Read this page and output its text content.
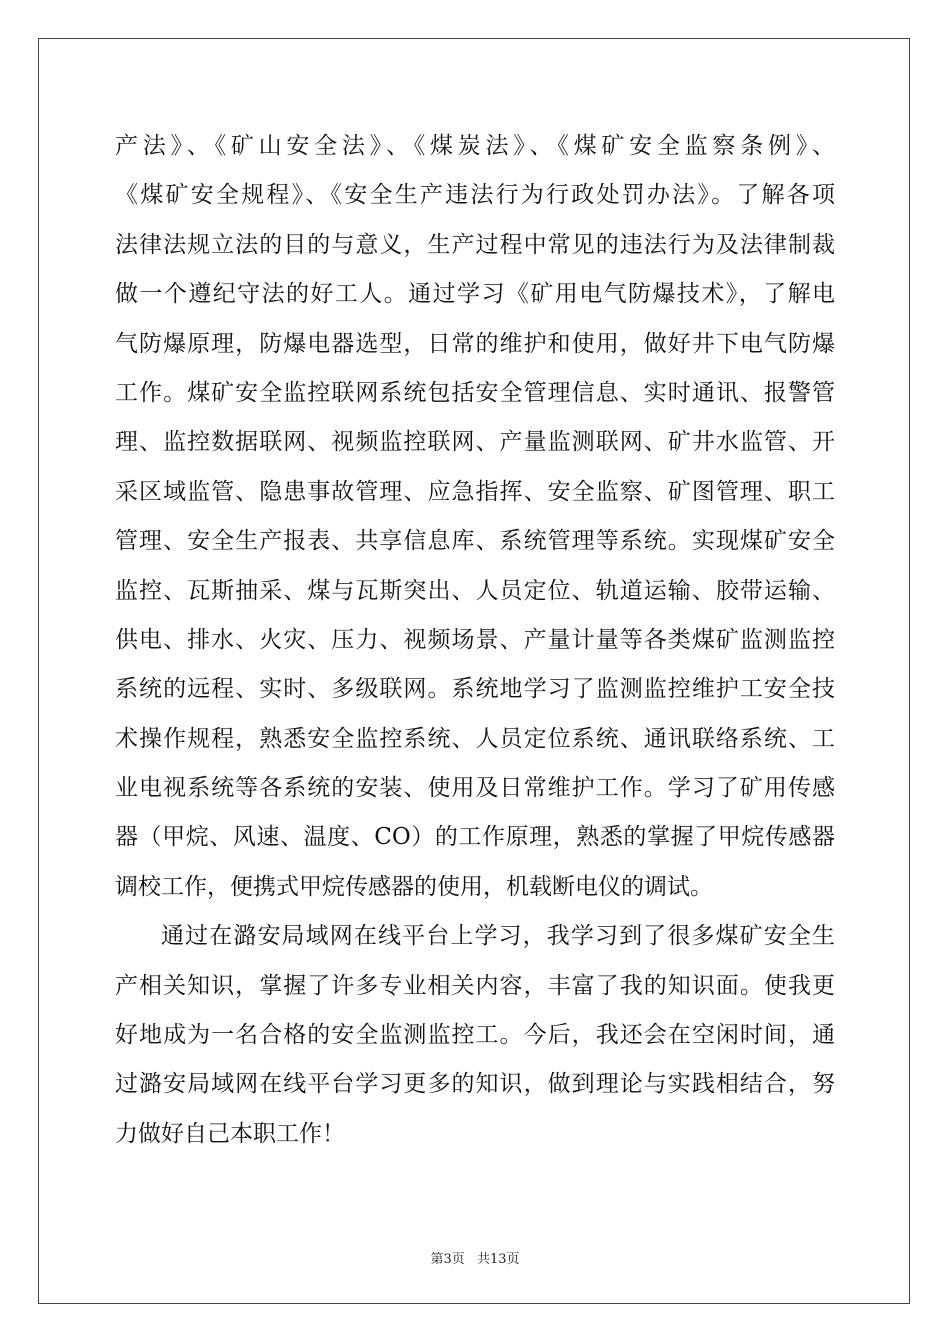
产法》、《矿山安全法》、《煤炭法》、《煤矿安全监察条例》、
《煤矿安全规程》、《安全生产违法行为行政处罚办法》。了解各项
法律法规立法的目的与意义，生产过程中常见的违法行为及法律制裁
做一个遵纪守法的好工人。通过学习《矿用电气防爆技术》，了解电
气防爆原理，防爆电器选型，日常的维护和使用，做好井下电气防爆
工作。煤矿安全监控联网系统包括安全管理信息、实时通讯、报警管
理、监控数据联网、视频监控联网、产量监测联网、矿井水监管、开
采区域监管、隐患事故管理、应急指挥、安全监察、矿图管理、职工
管理、安全生产报表、共享信息库、系统管理等系统。实现煤矿安全
监控、瓦斯抽采、煤与瓦斯突出、人员定位、轨道运输、胶带运输、
供电、排水、火灾、压力、视频场景、产量计量等各类煤矿监测监控
系统的远程、实时、多级联网。系统地学习了监测监控维护工安全技
术操作规程，熟悉安全监控系统、人员定位系统、通讯联络系统、工
业电视系统等各系统的安装、使用及日常维护工作。学习了矿用传感
器（甲烷、风速、温度、CO）的工作原理，熟悉的掌握了甲烷传感器
调校工作，便携式甲烷传感器的使用，机载断电仪的调试。
通过在潞安局域网在线平台上学习，我学习到了很多煤矿安全生
产相关知识，掌握了许多专业相关内容，丰富了我的知识面。使我更
好地成为一名合格的安全监测监控工。今后，我还会在空闲时间，通
过潞安局域网在线平台学习更多的知识，做到理论与实践相结合，努
力做好自己本职工作！
第3页 共13页
